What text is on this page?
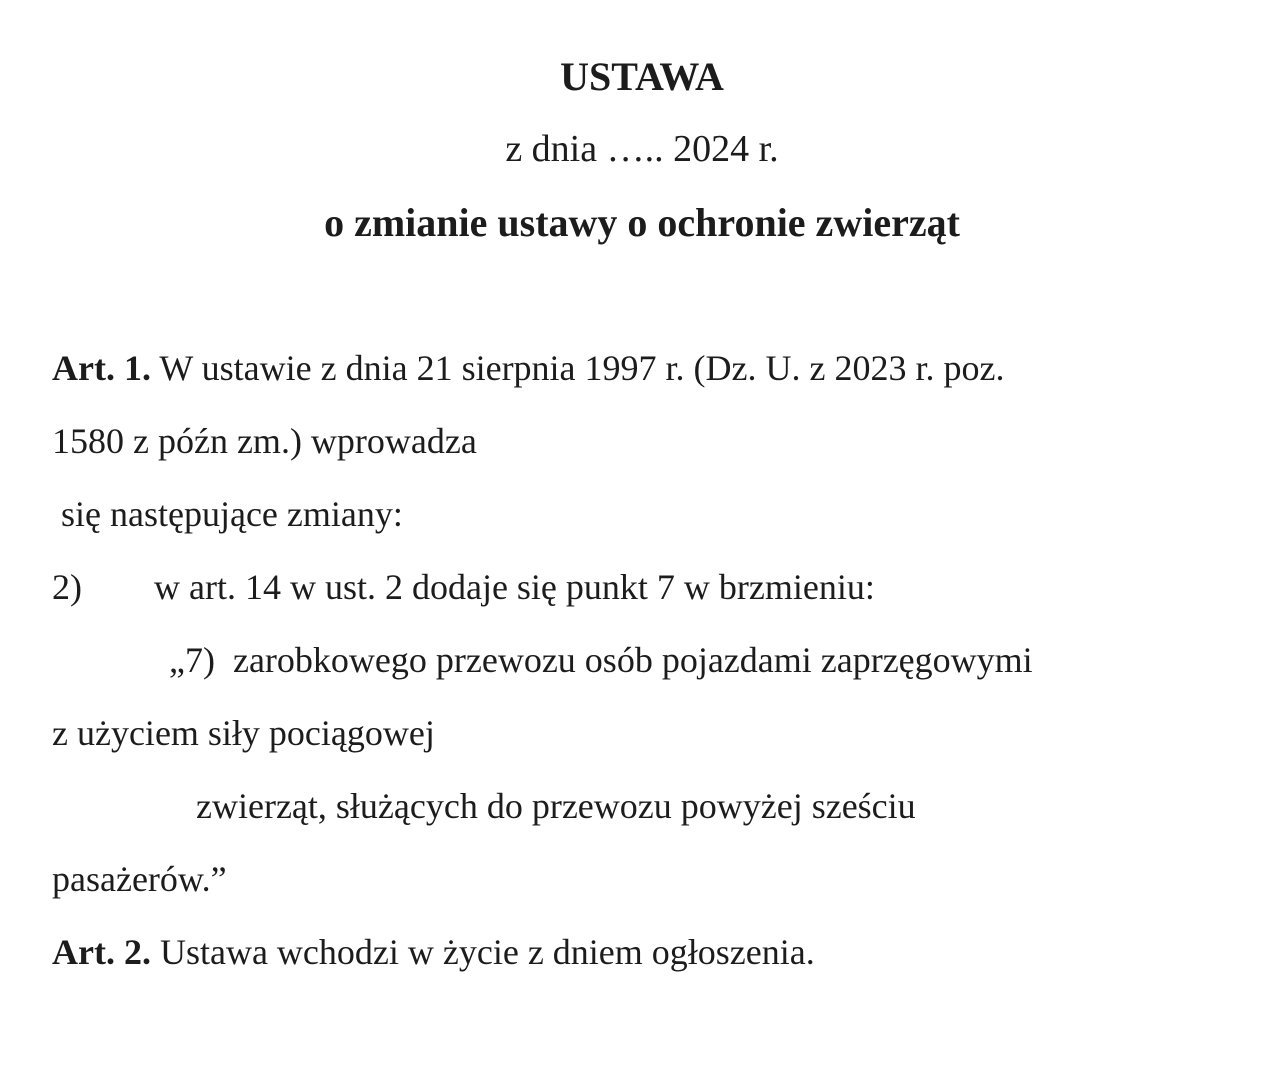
USTAWA
z dnia ….. 2024 r.
o zmianie ustawy o ochronie zwierząt
Art. 1. W ustawie z dnia 21 sierpnia 1997 r. (Dz. U. z 2023 r. poz.
1580 z późn zm.) wprowadza
się następujące zmiany:
2)        w art. 14 w ust. 2 dodaje się punkt 7 w brzmieniu:
„7)  zarobkowego przewozu osób pojazdami zaprzęgowymi
z użyciem siły pociągowej
zwierząt, służących do przewozu powyżej sześciu
pasażerów.”
Art. 2. Ustawa wchodzi w życie z dniem ogłoszenia.
